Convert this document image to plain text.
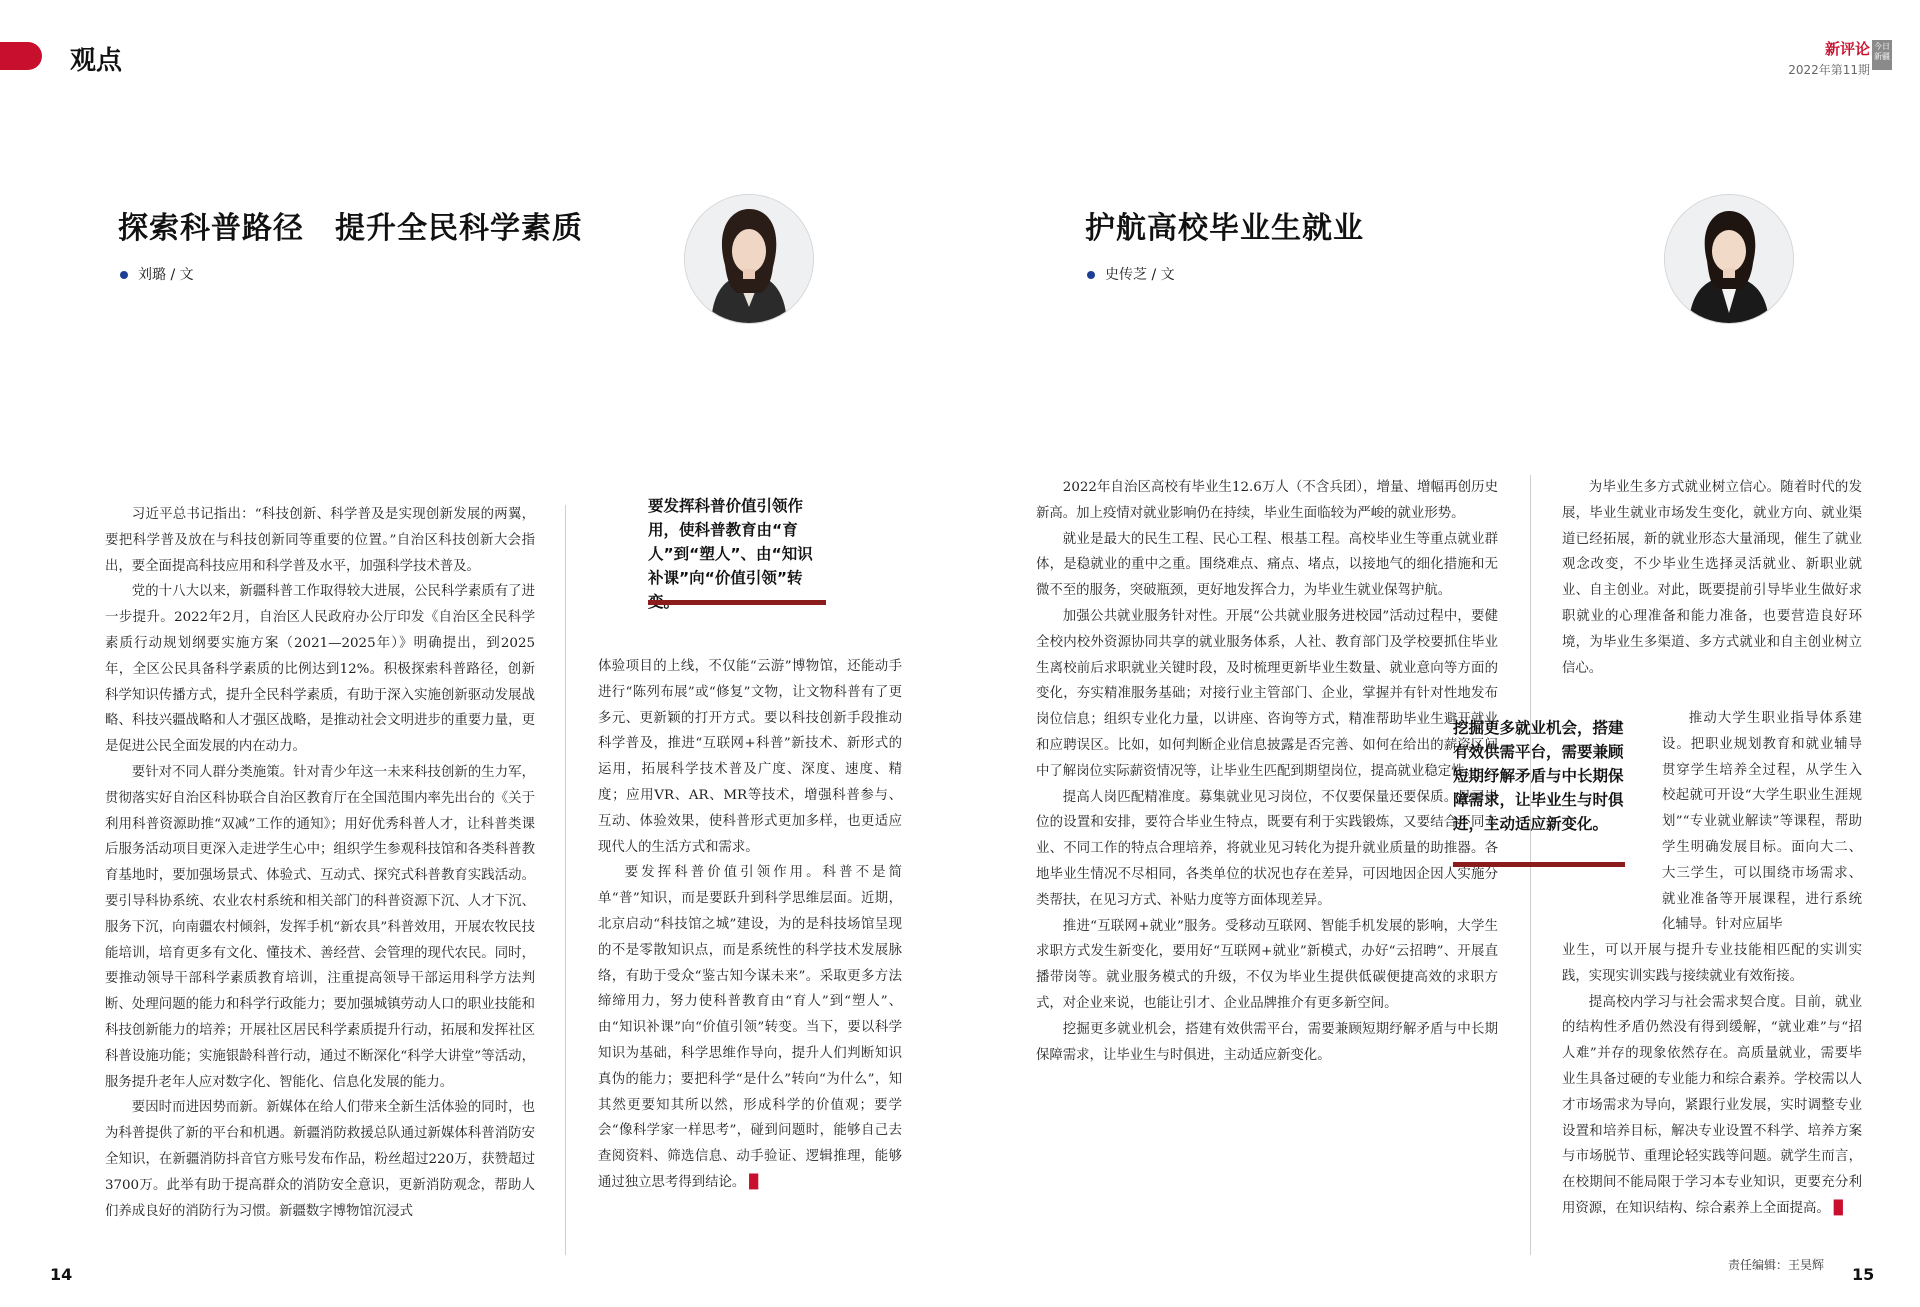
观点	新评论
2022年第11期
今日新疆
探索科普路径　提升全民科学素质
刘璐 / 文
护航高校毕业生就业
史传芝 / 文

习近平总书记指出：“科技创新、科学普及是实现创新发展的两翼，要把科学普及放在与科技创新同等重要的位置。”自治区科技创新大会指出，要全面提高科技应用和科学普及水平，加强科学技术普及。

党的十八大以来，新疆科普工作取得较大进展，公民科学素质有了进一步提升。2022年2月，自治区人民政府办公厅印发《自治区全民科学素质行动规划纲要实施方案（2021—2025年）》明确提出，到2025年，全区公民具备科学素质的比例达到12%。积极探索科普路径，创新科学知识传播方式，提升全民科学素质，有助于深入实施创新驱动发展战略、科技兴疆战略和人才强区战略，是推动社会文明进步的重要力量，更是促进公民全面发展的内在动力。

要针对不同人群分类施策。针对青少年这一未来科技创新的生力军，贯彻落实好自治区科协联合自治区教育厅在全国范围内率先出台的《关于利用科普资源助推“双减”工作的通知》；用好优秀科普人才，让科普类课后服务活动项目更深入走进学生心中；组织学生参观科技馆和各类科普教育基地时，要加强场景式、体验式、互动式、探究式科普教育实践活动。要引导科协系统、农业农村系统和相关部门的科普资源下沉、人才下沉、服务下沉，向南疆农村倾斜，发挥手机“新农具”科普效用，开展农牧民技能培训，培育更多有文化、懂技术、善经营、会管理的现代农民。同时，要推动领导干部科学素质教育培训，注重提高领导干部运用科学方法判断、处理问题的能力和科学行政能力；要加强城镇劳动人口的职业技能和科技创新能力的培养；开展社区居民科学素质提升行动，拓展和发挥社区科普设施功能；实施银龄科普行动，通过不断深化“科学大讲堂”等活动，服务提升老年人应对数字化、智能化、信息化发展的能力。

要因时而进因势而新。新媒体在给人们带来全新生活体验的同时，也为科普提供了新的平台和机遇。新疆消防救援总队通过新媒体科普消防安全知识，在新疆消防抖音官方账号发布作品，粉丝超过220万，获赞超过3700万。此举有助于提高群众的消防安全意识，更新消防观念，帮助人们养成良好的消防行为习惯。新疆数字博物馆沉浸式

要发挥科普价值引领作用，使科普教育由“育人”到“塑人”、由“知识补课”向“价值引领”转

体验项目的上线，不仅能“云游”博物馆，还能动手进行“陈列布展”或“修复”文物，让文物科普有了更多元、更新颖的打开方式。要以科技创新手段推动科学普及，推进“互联网+科普”新技术、新形式的运用，拓展科学技术普及广度、深度、速度、精度；应用VR、AR、MR等技术，增强科普参与、互动、体验效果，使科普形式更加多样，也更适应现代人的生活方式和需求。

要发挥科普价值引领作用。科普不是简单“普”知识，而是要跃升到科学思维层面。近期，北京启动“科技馆之城”建设，为的是科技场馆呈现的不是零散知识点，而是系统性的科学技术发展脉络，有助于受众“鉴古知今谋未来”。采取更多方法缔缔用力，努力使科普教育由“育人”到“塑人”、由“知识补课”向“价值引领”转变。当下，要以科学知识为基础，科学思维作导向，提升人们判断知识真伪的能力；要把科学“是什么”转向“为什么”，知其然更要知其所以然，形成科学的价值观；要学会“像科学家一样思考”，碰到问题时，能够自己去查阅资料、筛选信息、动手验证、逻辑推理，能够通过独立思考得到结论。 ▉

2022年自治区高校有毕业生12.6万人（不含兵团），增量、增幅再创历史新高。加上疫情对就业影响仍在持续，毕业生面临较为严峻的就业形势。

就业是最大的民生工程、民心工程、根基工程。高校毕业生等重点就业群体，是稳就业的重中之重。围绕难点、痛点、堵点，以接地气的细化措施和无微不至的服务，突破瓶颈，更好地发挥合力，为毕业生就业保驾护航。

加强公共就业服务针对性。开展“公共就业服务进校园”活动过程中，要健全校内校外资源协同共享的就业服务体系，人社、教育部门及学校要抓住毕业生离校前后求职就业关键时段，及时梳理更新毕业生数量、就业意向等方面的变化，夯实精准服务基础；对接行业主管部门、企业，掌握并有针对性地发布岗位信息；组织专业化力量，以讲座、咨询等方式，精准帮助毕业生避开就业和应聘误区。比如，如何判断企业信息披露是否完善、如何在给出的薪资区间中了解岗位实际薪资情况等，让毕业生匹配到期望岗位，提高就业稳定性。

提高人岗匹配精准度。募集就业见习岗位，不仅要保量还要保质。见习岗位的设置和安排，要符合毕业生特点，既要有利于实践锻炼，又要结合不同专业、不同工作的特点合理培养，将就业见习转化为提升就业质量的助推器。各地毕业生情况不尽相同，各类单位的状况也存在差异，可因地因企因人实施分类帮扶，在见习方式、补贴力度等方面体现差异。

推进“互联网+就业”服务。受移动互联网、智能手机发展的影响，大学生求职方式发生新变化，要用好“互联网+就业”新模式，办好“云招聘”、开展直播带岗等。就业服务模式的升级，不仅为毕业生提供低碳便捷高效的求职方式，对企业来说，也能让引才、企业品牌推介有更多新空间。

挖掘更多就业机会，搭建有效供需平台，需要兼顾短期纾解矛盾与中长期保障需求，让毕业生与时俱进，主动适应新变化。

挖掘更多就业机会，搭建有效供需平台，需要兼顾短期纾解矛盾与中长期保障需求，让毕业生与时俱进，主动适应新变化。

为毕业生多方式就业树立信心。随着时代的发展，毕业生就业市场发生变化，就业方向、就业渠道已经拓展，新的就业形态大量涌现，催生了就业观念改变，不少毕业生选择灵活就业、新职业就业、自主创业。对此，既要提前引导毕业生做好求职就业的心理准备和能力准备，也要营造良好环境，为毕业生多渠道、多方式就业和自主创业树立信心。

推动大学生职业指导体系建设。把职业规划教育和就业辅导贯穿学生培养全过程，从学生入校起就可开设“大学生职业生涯规划”“专业就业解读”等课程，帮助学生明确发展目标。面向大二、大三学生，可以围绕市场需求、就业准备等开展课程，进行系统化辅导。针对应届毕

业生，可以开展与提升专业技能相匹配的实训实践，实现实训实践与接续就业有效衔接。

提高校内学习与社会需求契合度。目前，就业的结构性矛盾仍然没有得到缓解，“就业难”与“招人难”并存的现象依然存在。高质量就业，需要毕业生具备过硬的专业能力和综合素养。学校需以人才市场需求为导向，紧跟行业发展，实时调整专业设置和培养目标，解决专业设置不科学、培养方案与市场脱节、重理论轻实践等问题。就学生而言，在校期间不能局限于学习本专业知识，更要充分利用资源，在知识结构、综合素养上全面提高。 ▉

14	15
责任编辑：王昊辉
